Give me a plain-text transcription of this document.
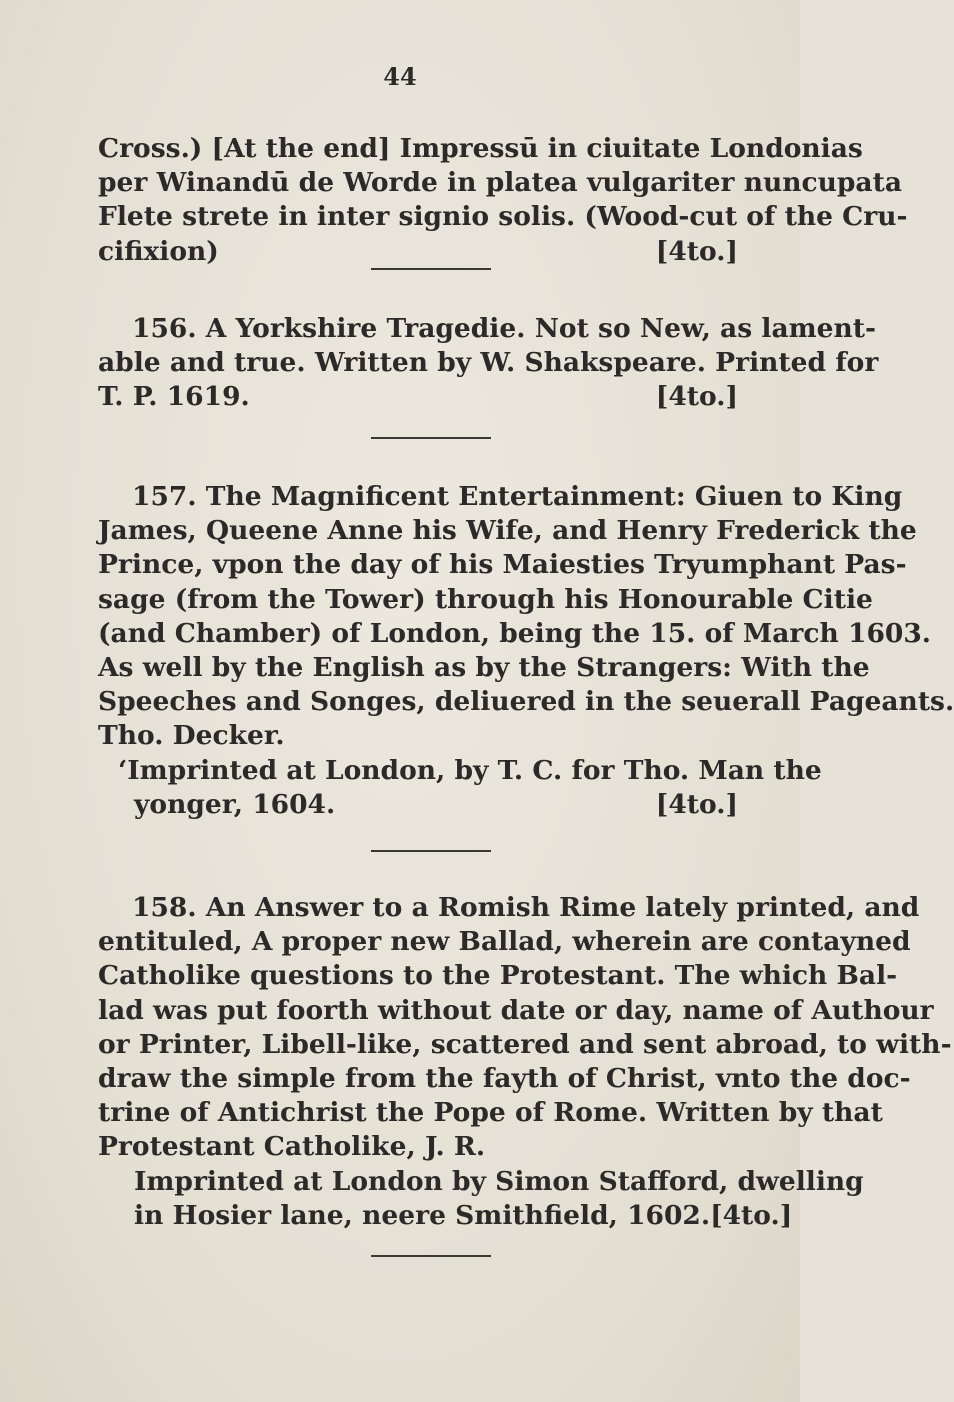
44
Cross.) [At the end] Impressū in ciuitate Londonias
per Winandū de Worde in platea vulgariter nuncupata
Flete strete in inter signio solis. (Wood-cut of the Cru-
cifixion)	[4to.]
156. A Yorkshire Tragedie. Not so New, as lament-
able and true. Written by W. Shakspeare. Printed for
T. P. 1619.	[4to.]
157. The Magnificent Entertainment: Giuen to King
James, Queene Anne his Wife, and Henry Frederick the
Prince, vpon the day of his Maiesties Tryumphant Pas-
sage (from the Tower) through his Honourable Citie
(and Chamber) of London, being the 15. of March 1603.
As well by the English as by the Strangers: With the
Speeches and Songes, deliuered in the seuerall Pageants.
Tho. Decker.
‘Imprinted at London, by T. C. for Tho. Man the
yonger, 1604.	[4to.]
158. An Answer to a Romish Rime lately printed, and
entituled, A proper new Ballad, wherein are contayned
Catholike questions to the Protestant. The which Bal-
lad was put foorth without date or day, name of Authour
or Printer, Libell-like, scattered and sent abroad, to with-
draw the simple from the fayth of Christ, vnto the doc-
trine of Antichrist the Pope of Rome. Written by that
Protestant Catholike, J. R.
Imprinted at London by Simon Stafford, dwelling
in Hosier lane, neere Smithfield, 1602. [4to.]
